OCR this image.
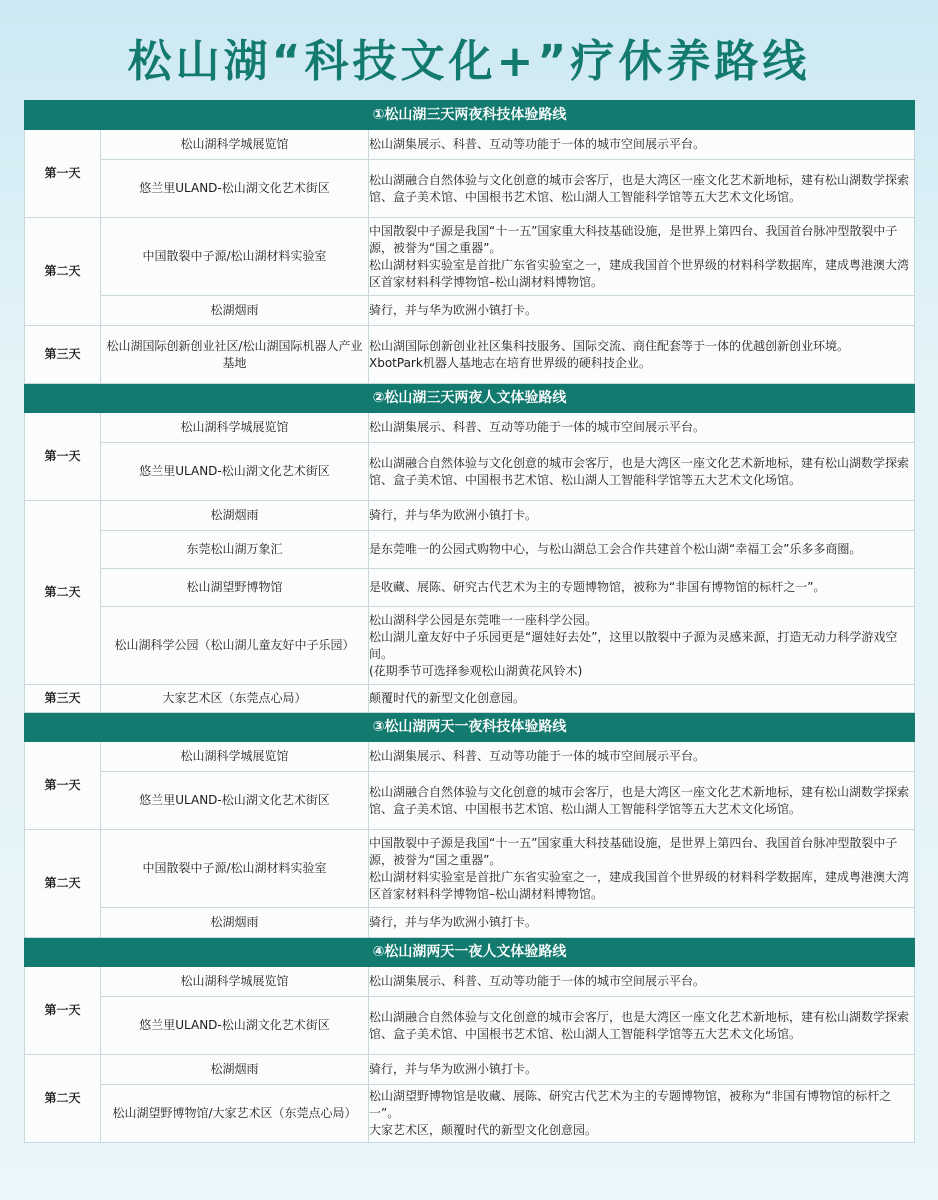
松山湖“科技文化+”疗休养路线
①松山湖三天两夜科技体验路线		
第一天	松山湖科学城展览馆	松山湖集展示、科普、互动等功能于一体的城市空间展示平台。

	悠兰里ULAND-松山湖文化艺术街区	松山湖融合自然体验与文化创意的城市会客厅，也是大湾区一座文化艺术新地标，建有松山湖数学探索馆、盒子美术馆、中国根书艺术馆、松山湖人工智能科学馆等五大艺术文化场馆。

第二天	中国散裂中子源/松山湖材料实验室	中国散裂中子源是我国“十一五”国家重大科技基础设施，是世界上第四台、我国首台脉冲型散裂中子源，被誉为“国之重器”。
松山湖材料实验室是首批广东省实验室之一，建成我国首个世界级的材料科学数据库，建成粤港澳大湾区首家材料科学博物馆–松山湖材料博物馆。

	松湖烟雨	骑行，并与华为欧洲小镇打卡。

第三天	松山湖国际创新创业社区/松山湖国际机器人产业基地	松山湖国际创新创业社区集科技服务、国际交流、商住配套等于一体的优越创新创业环境。
XbotPark机器人基地志在培育世界级的硬科技企业。

②松山湖三天两夜人文体验路线		
第一天	松山湖科学城展览馆	松山湖集展示、科普、互动等功能于一体的城市空间展示平台。

	悠兰里ULAND-松山湖文化艺术街区	松山湖融合自然体验与文化创意的城市会客厅，也是大湾区一座文化艺术新地标，建有松山湖数学探索馆、盒子美术馆、中国根书艺术馆、松山湖人工智能科学馆等五大艺术文化场馆。

第二天	松湖烟雨	骑行，并与华为欧洲小镇打卡。

	东莞松山湖万象汇	是东莞唯一的公园式购物中心，与松山湖总工会合作共建首个松山湖“幸福工会”乐多多商圈。

	松山湖望野博物馆	是收藏、展陈、研究古代艺术为主的专题博物馆，被称为“非国有博物馆的标杆之一”。

	松山湖科学公园（松山湖儿童友好中子乐园）	松山湖科学公园是东莞唯一一座科学公园。
松山湖儿童友好中子乐园更是“遛娃好去处”，这里以散裂中子源为灵感来源，打造无动力科学游戏空间。
(花期季节可选择参观松山湖黄花风铃木)

第三天	大家艺术区（东莞点心局）	颠覆时代的新型文化创意园。

③松山湖两天一夜科技体验路线		
第一天	松山湖科学城展览馆	松山湖集展示、科普、互动等功能于一体的城市空间展示平台。

	悠兰里ULAND-松山湖文化艺术街区	松山湖融合自然体验与文化创意的城市会客厅，也是大湾区一座文化艺术新地标，建有松山湖数学探索馆、盒子美术馆、中国根书艺术馆、松山湖人工智能科学馆等五大艺术文化场馆。

第二天	中国散裂中子源/松山湖材料实验室	中国散裂中子源是我国“十一五”国家重大科技基础设施，是世界上第四台、我国首台脉冲型散裂中子源，被誉为“国之重器”。
松山湖材料实验室是首批广东省实验室之一，建成我国首个世界级的材料科学数据库，建成粤港澳大湾区首家材料科学博物馆–松山湖材料博物馆。

	松湖烟雨	骑行，并与华为欧洲小镇打卡。

④松山湖两天一夜人文体验路线		
第一天	松山湖科学城展览馆	松山湖集展示、科普、互动等功能于一体的城市空间展示平台。

	悠兰里ULAND-松山湖文化艺术街区	松山湖融合自然体验与文化创意的城市会客厅，也是大湾区一座文化艺术新地标，建有松山湖数学探索馆、盒子美术馆、中国根书艺术馆、松山湖人工智能科学馆等五大艺术文化场馆。

第二天	松湖烟雨	骑行，并与华为欧洲小镇打卡。

	松山湖望野博物馆/大家艺术区（东莞点心局）	松山湖望野博物馆是收藏、展陈、研究古代艺术为主的专题博物馆，被称为“非国有博物馆的标杆之一”。
大家艺术区，颠覆时代的新型文化创意园。
